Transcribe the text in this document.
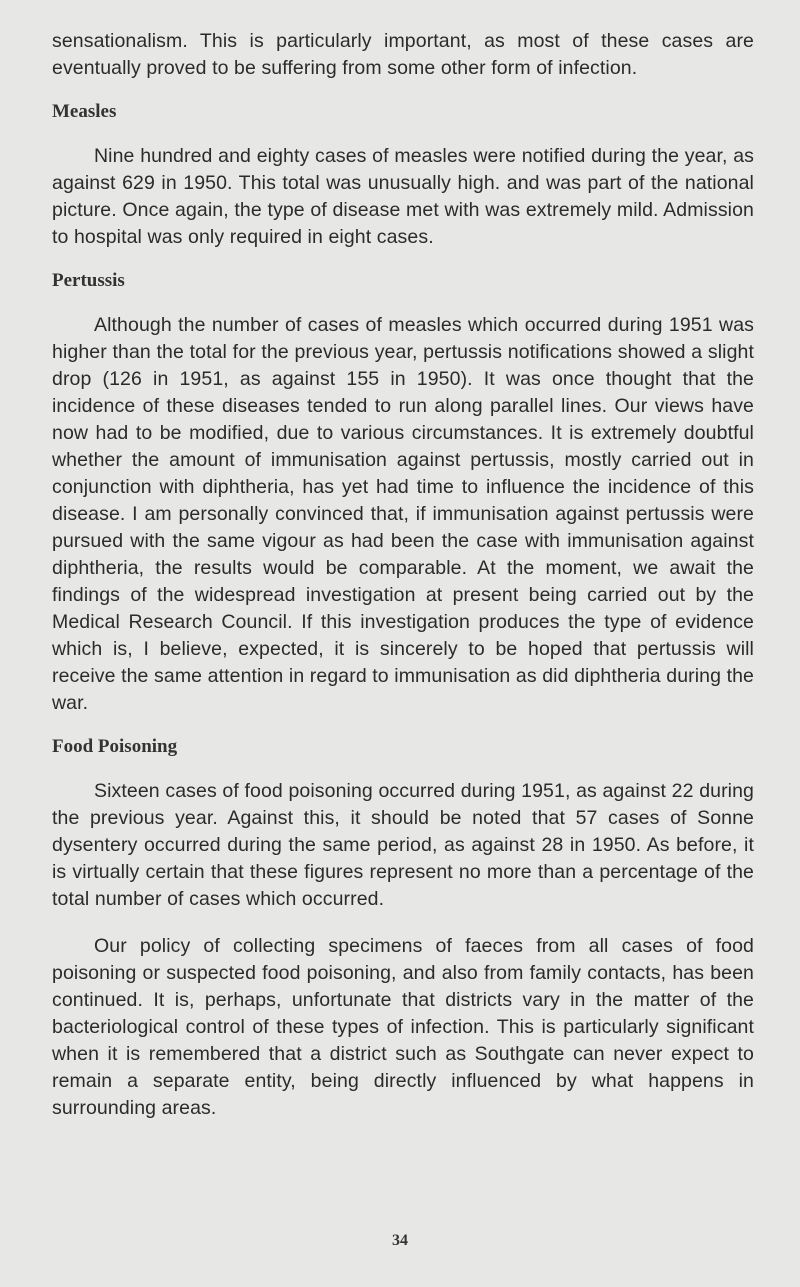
sensationalism. This is particularly important, as most of these cases are eventually proved to be suffering from some other form of infection.

Measles

Nine hundred and eighty cases of measles were notified during the year, as against 629 in 1950. This total was unusually high. and was part of the national picture. Once again, the type of disease met with was extremely mild. Admission to hospital was only required in eight cases.

Pertussis

Although the number of cases of measles which occurred during 1951 was higher than the total for the previous year, pertussis notifications showed a slight drop (126 in 1951, as against 155 in 1950). It was once thought that the incidence of these diseases tended to run along parallel lines. Our views have now had to be modified, due to various circumstances. It is extremely doubtful whether the amount of immunisation against pertussis, mostly carried out in conjunction with diphtheria, has yet had time to influence the incidence of this disease. I am personally convinced that, if immunisation against pertussis were pursued with the same vigour as had been the case with immunisation against diphtheria, the results would be comparable. At the moment, we await the findings of the widespread investigation at present being carried out by the Medical Research Council. If this investigation produces the type of evidence which is, I believe, expected, it is sincerely to be hoped that pertussis will receive the same attention in regard to immunisation as did diphtheria during the war.

Food Poisoning

Sixteen cases of food poisoning occurred during 1951, as against 22 during the previous year. Against this, it should be noted that 57 cases of Sonne dysentery occurred during the same period, as against 28 in 1950. As before, it is virtually certain that these figures represent no more than a percentage of the total number of cases which occurred.

Our policy of collecting specimens of faeces from all cases of food poisoning or suspected food poisoning, and also from family contacts, has been continued. It is, perhaps, unfortunate that districts vary in the matter of the bacteriological control of these types of infection. This is particularly significant when it is remembered that a district such as Southgate can never expect to remain a separate entity, being directly influenced by what happens in surrounding areas.

34
